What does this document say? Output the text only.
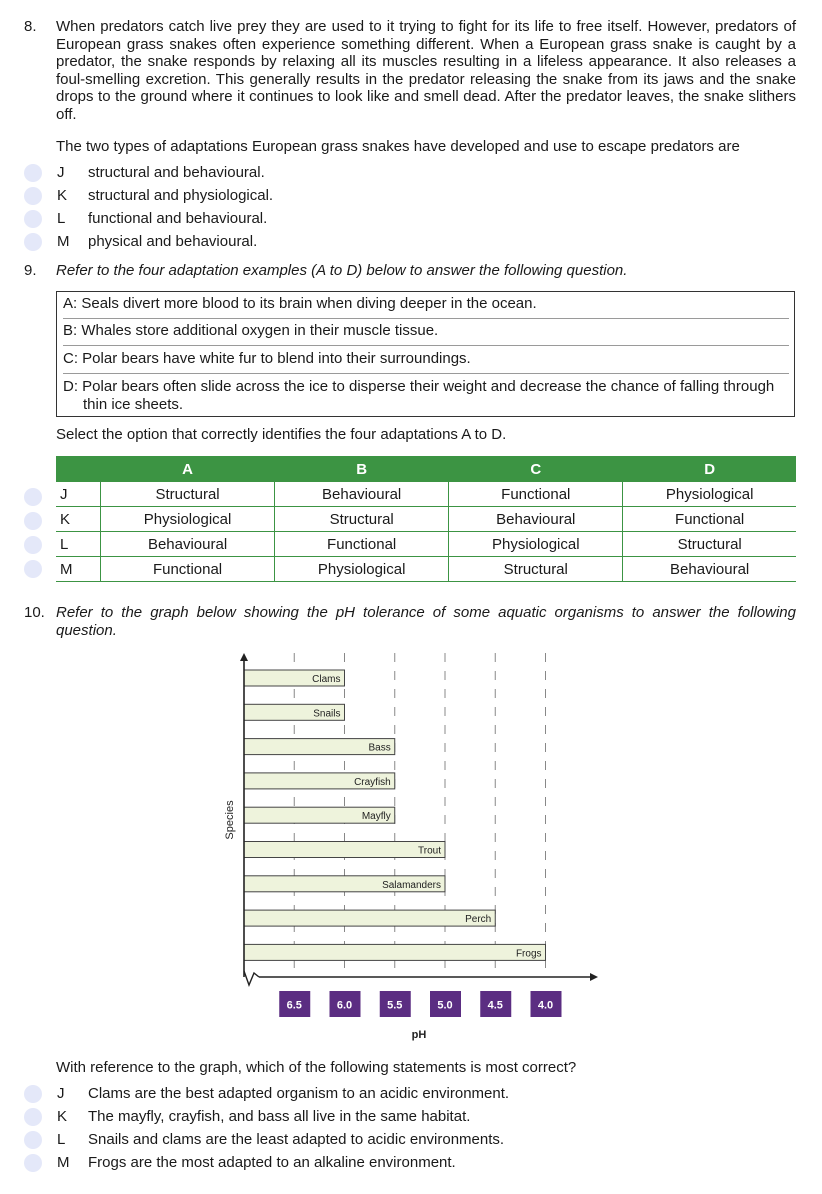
8. When predators catch live prey they are used to it trying to fight for its life to free itself. However, predators of European grass snakes often experience something different. When a European grass snake is caught by a predator, the snake responds by relaxing all its muscles resulting in a lifeless appearance. It also releases a foul-smelling excretion. This generally results in the predator releasing the snake from its jaws and the snake drops to the ground where it continues to look like and smell dead. After the predator leaves, the snake slithers off.
The two types of adaptations European grass snakes have developed and use to escape predators are
J structural and behavioural.
K structural and physiological.
L functional and behavioural.
M physical and behavioural.
9. Refer to the four adaptation examples (A to D) below to answer the following question.
A: Seals divert more blood to its brain when diving deeper in the ocean.
B: Whales store additional oxygen in their muscle tissue.
C: Polar bears have white fur to blend into their surroundings.
D: Polar bears often slide across the ice to disperse their weight and decrease the chance of falling through thin ice sheets.
Select the option that correctly identifies the four adaptations A to D.
	A	B	C	D
J	Structural	Behavioural	Functional	Physiological
K	Physiological	Structural	Behavioural	Functional
L	Behavioural	Functional	Physiological	Structural
M	Functional	Physiological	Structural	Behavioural
10. Refer to the graph below showing the pH tolerance of some aquatic organisms to answer the following question.
Clams
Snails
Bass
Crayfish
Mayfly
Trout
Salamanders
Perch
Frogs
6.5	6.0	5.5	5.0	4.5	4.0
pH
Species
With reference to the graph, which of the following statements is most correct?
J Clams are the best adapted organism to an acidic environment.
K The mayfly, crayfish, and bass all live in the same habitat.
L Snails and clams are the least adapted to acidic environments.
M Frogs are the most adapted to an alkaline environment.
